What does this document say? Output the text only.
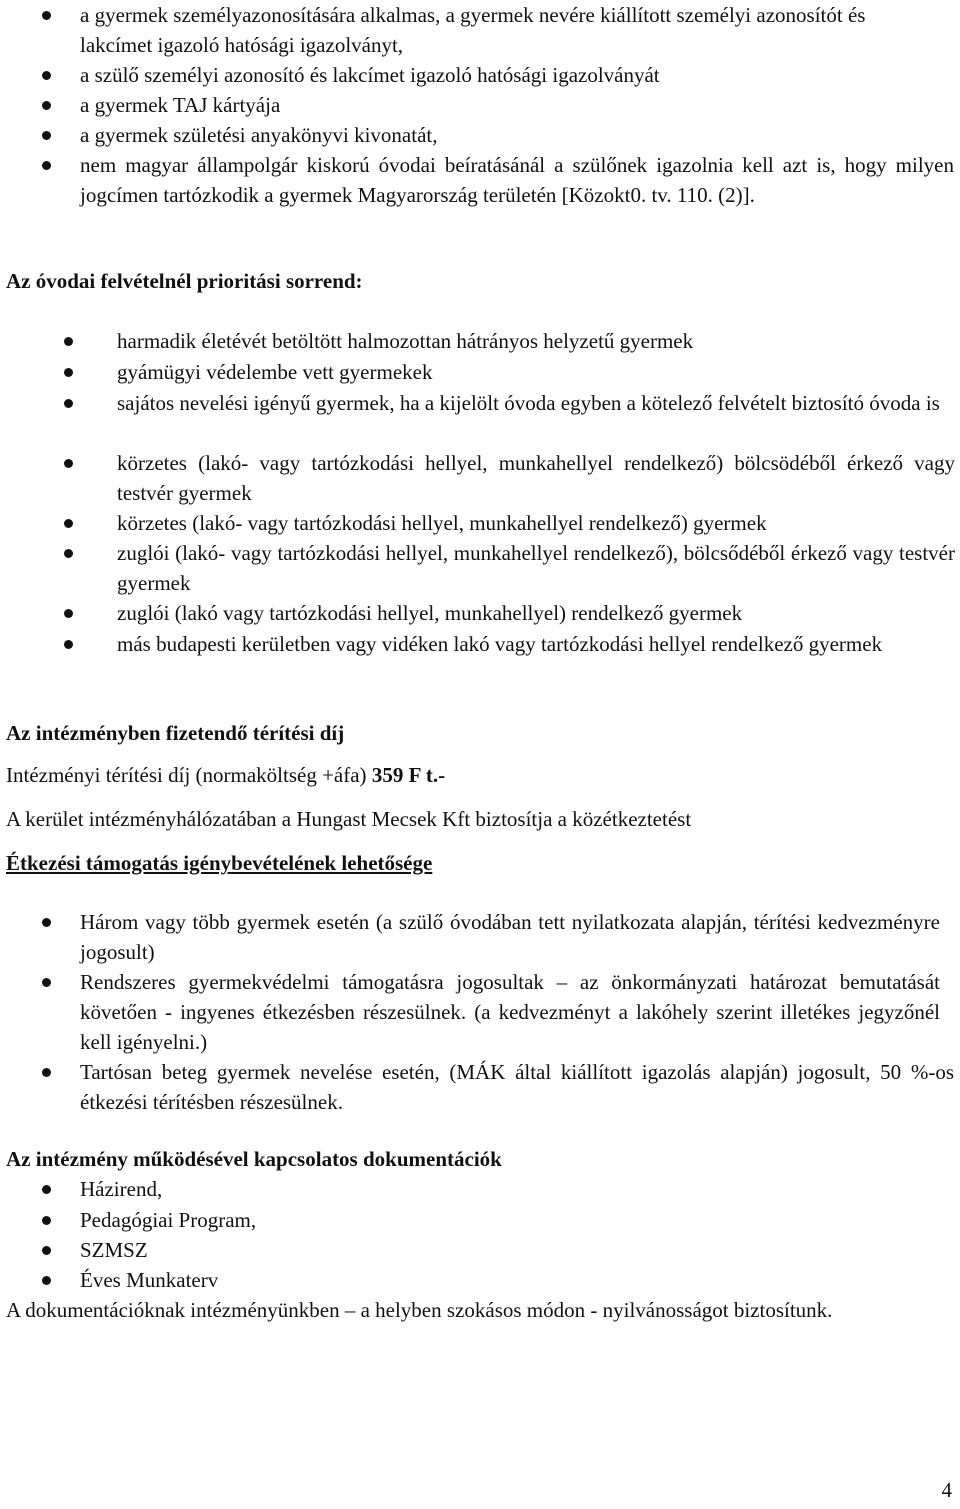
a gyermek személyazonosítására alkalmas, a gyermek nevére kiállított személyi azonosítót és lakcímet igazoló hatósági igazolványt,
a szülő személyi azonosító és lakcímet igazoló hatósági igazolványát
a gyermek TAJ kártyája
a gyermek születési anyakönyvi kivonatát,
nem magyar állampolgár kiskorú óvodai beíratásánál a szülőnek igazolnia kell azt is, hogy milyen jogcímen tartózkodik a gyermek Magyarország területén [Közokt0. tv. 110. (2)].
Az óvodai felvételnél prioritási sorrend:
harmadik életévét betöltött halmozottan hátrányos helyzetű gyermek
gyámügyi védelembe vett gyermekek
sajátos nevelési igényű gyermek, ha a kijelölt óvoda egyben a kötelező felvételt biztosító óvoda is
körzetes (lakó- vagy tartózkodási hellyel, munkahellyel rendelkező) bölcsödéből érkező vagy testvér gyermek
körzetes (lakó- vagy tartózkodási hellyel, munkahellyel rendelkező) gyermek
zuglói (lakó- vagy tartózkodási hellyel, munkahellyel rendelkező), bölcsődéből érkező vagy testvér gyermek
zuglói (lakó vagy tartózkodási hellyel, munkahellyel) rendelkező gyermek
más budapesti kerületben vagy vidéken lakó vagy tartózkodási hellyel rendelkező gyermek
Az intézményben fizetendő térítési díj
Intézményi térítési díj (normaköltség +áfa) 359 F t.-
A kerület intézményhálózatában a Hungast Mecsek Kft biztosítja a közétkeztetést
Étkezési támogatás igénybevételének lehetősége
Három vagy több gyermek esetén (a szülő óvodában tett nyilatkozata alapján, térítési kedvezményre jogosult)
Rendszeres gyermekvédelmi támogatásra jogosultak – az önkormányzati határozat bemutatását követően - ingyenes étkezésben részesülnek. (a kedvezményt a lakóhely szerint illetékes jegyzőnél kell igényelni.)
Tartósan beteg gyermek nevelése esetén, (MÁK által kiállított igazolás alapján) jogosult, 50 %-os étkezési térítésben részesülnek.
Az intézmény működésével kapcsolatos dokumentációk
Házirend,
Pedagógiai Program,
SZMSZ
Éves Munkaterv
A dokumentációknak intézményünkben – a helyben szokásos módon - nyilvánosságot biztosítunk.
4
